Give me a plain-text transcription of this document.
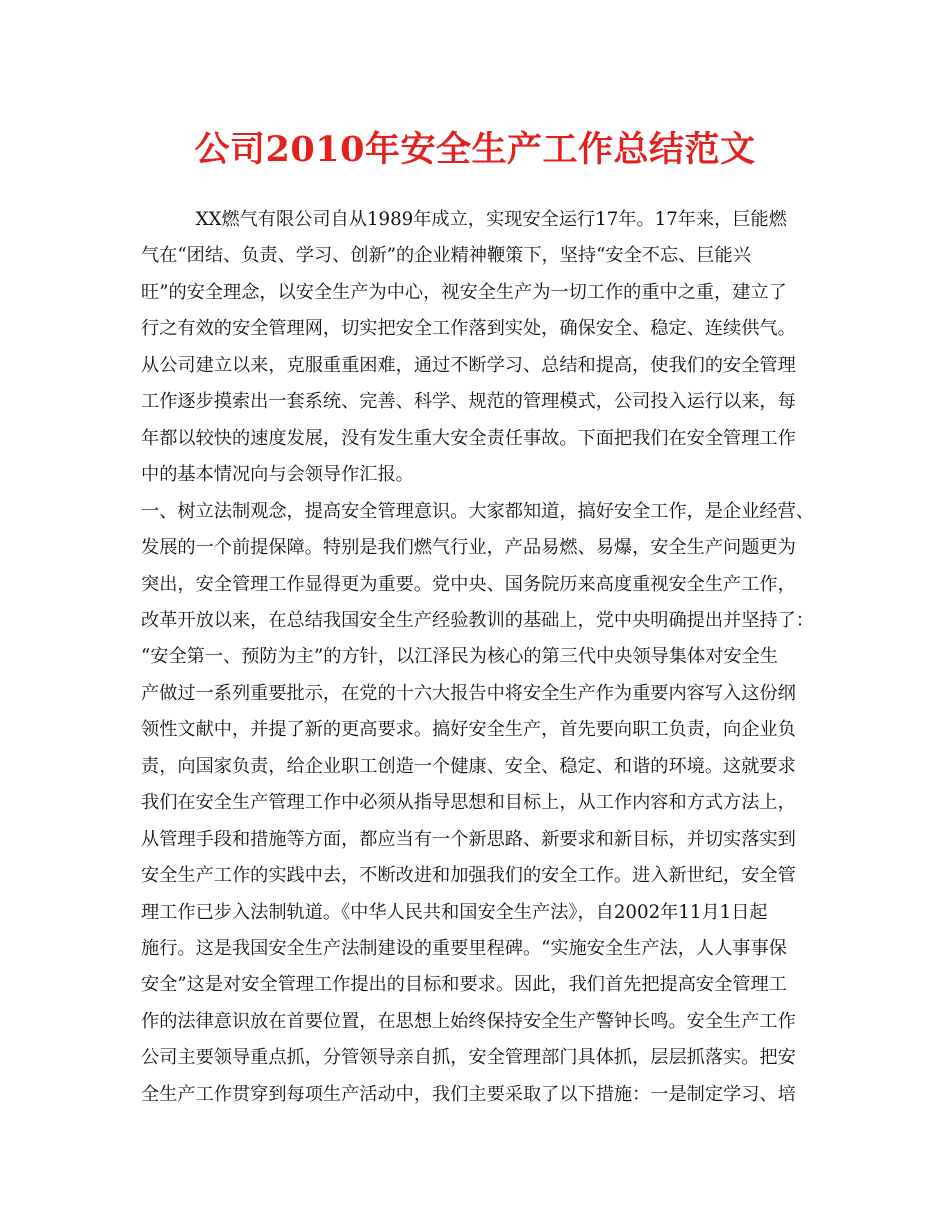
公司2010年安全生产工作总结范文
　　　XX燃气有限公司自从1989年成立，实现安全运行17年。17年来，巨能燃
气在“团结、负责、学习、创新”的企业精神鞭策下，坚持“安全不忘、巨能兴
旺”的安全理念，以安全生产为中心，视安全生产为一切工作的重中之重，建立了
行之有效的安全管理网，切实把安全工作落到实处，确保安全、稳定、连续供气。
从公司建立以来，克服重重困难，通过不断学习、总结和提高，使我们的安全管理
工作逐步摸索出一套系统、完善、科学、规范的管理模式，公司投入运行以来，每
年都以较快的速度发展，没有发生重大安全责任事故。下面把我们在安全管理工作
中的基本情况向与会领导作汇报。
一、树立法制观念，提高安全管理意识。大家都知道，搞好安全工作，是企业经营、
发展的一个前提保障。特别是我们燃气行业，产品易燃、易爆，安全生产问题更为
突出，安全管理工作显得更为重要。党中央、国务院历来高度重视安全生产工作，
改革开放以来，在总结我国安全生产经验教训的基础上，党中央明确提出并坚持了：
“安全第一、预防为主”的方针，以江泽民为核心的第三代中央领导集体对安全生
产做过一系列重要批示，在党的十六大报告中将安全生产作为重要内容写入这份纲
领性文献中，并提了新的更高要求。搞好安全生产，首先要向职工负责，向企业负
责，向国家负责，给企业职工创造一个健康、安全、稳定、和谐的环境。这就要求
我们在安全生产管理工作中必须从指导思想和目标上，从工作内容和方式方法上，
从管理手段和措施等方面，都应当有一个新思路、新要求和新目标，并切实落实到
安全生产工作的实践中去，不断改进和加强我们的安全工作。进入新世纪，安全管
理工作已步入法制轨道。《中华人民共和国安全生产法》，自2002年11月1日起
施行。这是我国安全生产法制建设的重要里程碑。“实施安全生产法，人人事事保
安全”这是对安全管理工作提出的目标和要求。因此，我们首先把提高安全管理工
作的法律意识放在首要位置，在思想上始终保持安全生产警钟长鸣。安全生产工作
公司主要领导重点抓，分管领导亲自抓，安全管理部门具体抓，层层抓落实。把安
全生产工作贯穿到每项生产活动中，我们主要采取了以下措施：一是制定学习、培
